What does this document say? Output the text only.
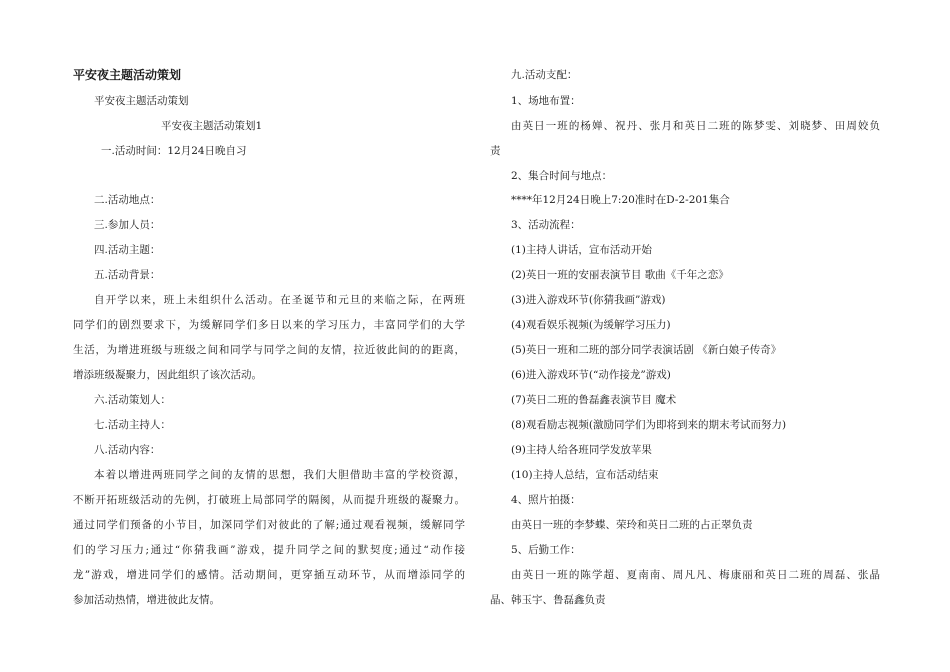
平安夜主题活动策划
平安夜主题活动策划
平安夜主题活动策划1
一.活动时间：12月24日晚自习
二.活动地点：
三.参加人员：
四.活动主题：
五.活动背景：
自开学以来，班上未组织什么活动。在圣诞节和元旦的来临之际，在两班
同学们的剧烈要求下，为缓解同学们多日以来的学习压力，丰富同学们的大学
生活，为增进班级与班级之间和同学与同学之间的友情，拉近彼此间的的距离，
增添班级凝聚力，因此组织了该次活动。
六.活动策划人：
七.活动主持人：
八.活动内容：
本着以增进两班同学之间的友情的思想，我们大胆借助丰富的学校资源，
不断开拓班级活动的先例，打破班上局部同学的隔阂，从而提升班级的凝聚力。
通过同学们预备的小节目，加深同学们对彼此的了解;通过观看视频，缓解同学
们的学习压力;通过“你猜我画”游戏，提升同学之间的默契度;通过“动作接
龙”游戏，增进同学们的感情。活动期间，更穿插互动环节，从而增添同学的
参加活动热情，增进彼此友情。
九.活动支配：
1、场地布置：
由英日一班的杨婵、祝丹、张月和英日二班的陈梦雯、刘晓梦、田周姣负
责
2、集合时间与地点：
****年12月24日晚上7:20准时在D-2-201集合
3、活动流程：
(1)主持人讲话，宣布活动开始
(2)英日一班的安丽表演节目 歌曲《千年之恋》
(3)进入游戏环节(你猜我画”游戏)
(4)观看娱乐视频(为缓解学习压力)
(5)英日一班和二班的部分同学表演话剧 《新白娘子传奇》
(6)进入游戏环节(“动作接龙”游戏)
(7)英日二班的鲁磊鑫表演节目 魔术
(8)观看励志视频(激励同学们为即将到来的期末考试而努力)
(9)主持人给各班同学发放苹果
(10)主持人总结，宣布活动结束
4、照片拍摄：
由英日一班的李梦蝶、荣玲和英日二班的占正翠负责
5、后勤工作：
由英日一班的陈学超、夏南南、周凡凡、梅康丽和英日二班的周磊、张晶
晶、韩玉宇、鲁磊鑫负责
